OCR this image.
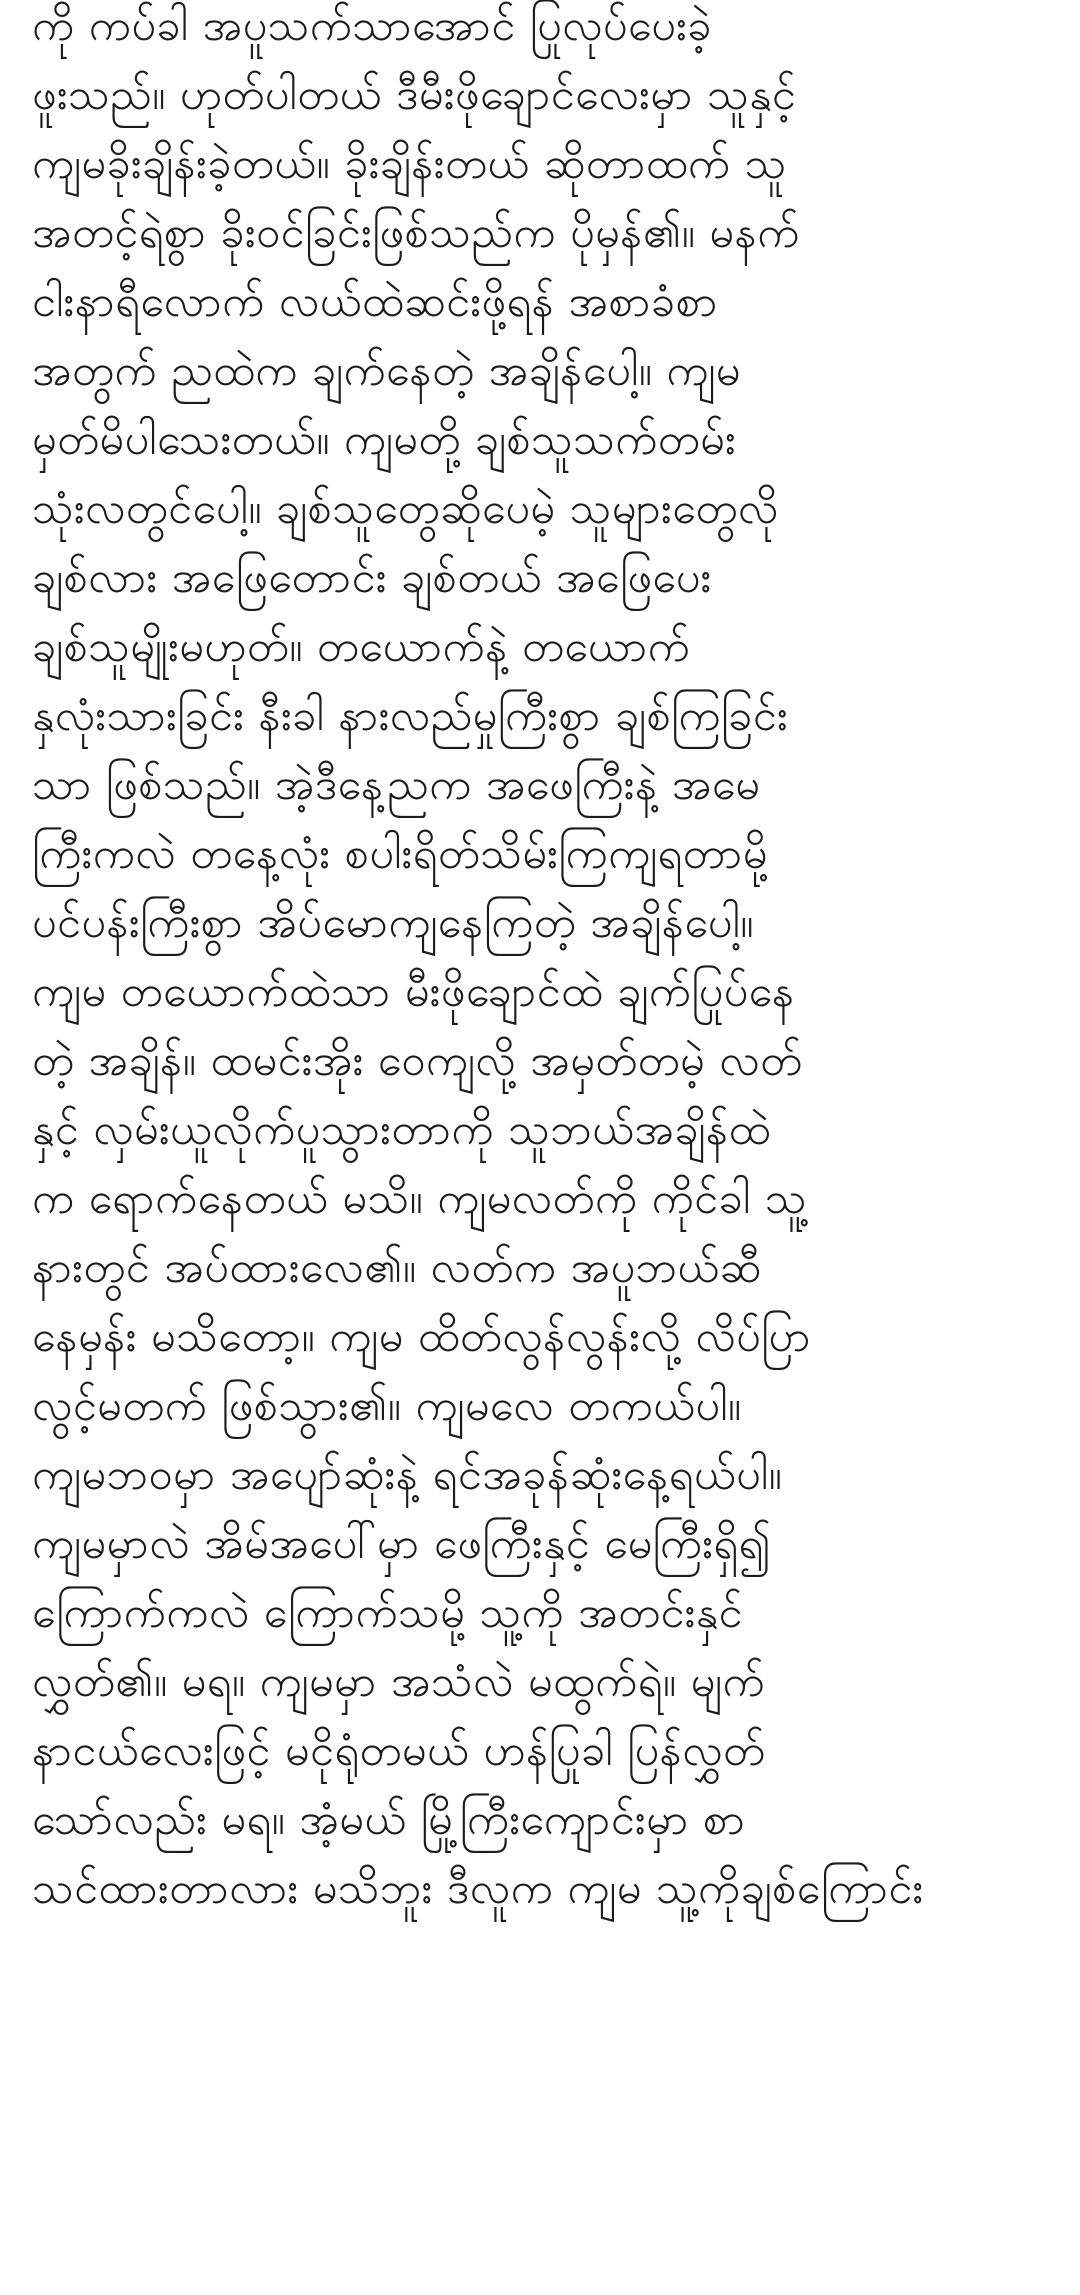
ကို ကပ်ခါ အပူသက်သာအောင် ပြုလုပ်ပေးခဲ့
ဖူးသည်။ ဟုတ်ပါတယ် ဒီမီးဖိုချောင်လေးမှာ သူနှင့်
ကျမခိုးချိန်းခဲ့တယ်။ ခိုးချိန်းတယ် ဆိုတာထက် သူ
အတင့်ရဲစွာ ခိုးဝင်ခြင်းဖြစ်သည်က ပိုမှန်၏။ မနက်
ငါးနာရီလောက် လယ်ထဲဆင်းဖို့ရန် အစာခံစာ
အတွက် ညထဲက ချက်နေတဲ့ အချိန်ပေါ့။ ကျမ
မှတ်မိပါသေးတယ်။ ကျမတို့ ချစ်သူသက်တမ်း
သုံးလတွင်ပေါ့။ ချစ်သူတွေဆိုပေမဲ့ သူများတွေလို
ချစ်လား အဖြေတောင်း ချစ်တယ် အဖြေပေး
ချစ်သူမျိုးမဟုတ်။ တယောက်နဲ့ တယောက်
နှလုံးသားခြင်း နီးခါ နားလည်မှုကြီးစွာ ချစ်ကြခြင်း
သာ ဖြစ်သည်။ အဲ့ဒီနေ့ညက အဖေကြီးနဲ့ အမေ
ကြီးကလဲ တနေ့လုံး စပါးရိတ်သိမ်းကြကျရတာမို့
ပင်ပန်းကြီးစွာ အိပ်မောကျနေကြတဲ့ အချိန်ပေါ့။
ကျမ တယောက်ထဲသာ မီးဖိုချောင်ထဲ ချက်ပြုပ်နေ
တဲ့ အချိန်။ ထမင်းအိုး ဝေကျလို့ အမှတ်တမဲ့ လတ်
နှင့် လှမ်းယူလိုက်ပူသွားတာကို သူဘယ်အချိန်ထဲ
က ရောက်နေတယ် မသိ။ ကျမလတ်ကို ကိုင်ခါ သူ့
နားတွင် အပ်ထားလေ၏။ လတ်က အပူဘယ်ဆီ
နေမှန်း မသိတော့။ ကျမ ထိတ်လွန်လွန်းလို့ လိပ်ပြာ
လွင့်မတက် ဖြစ်သွား၏။ ကျမလေ တကယ်ပါ။
ကျမဘဝမှာ အပျော်ဆုံးနဲ့ ရင်အခုန်ဆုံးနေ့ရယ်ပါ။
ကျမမှာလဲ အိမ်အပေါ်မှာ ဖေကြီးနှင့် မေကြီးရှိ၍
ကြောက်ကလဲ ကြောက်သမို့ သူ့ကို အတင်းနှင်
လွှတ်၏။ မရ။ ကျမမှာ အသံလဲ မထွက်ရဲ။ မျက်
နာငယ်လေးဖြင့် မငိုရုံတမယ် ဟန်ပြုခါ ပြန်လွှတ်
သော်လည်း မရ။ အံ့မယ် မြို့ကြီးကျောင်းမှာ စာ
သင်ထားတာလား မသိဘူး ဒီလူက ကျမ သူ့ကိုချစ်ကြောင်း
